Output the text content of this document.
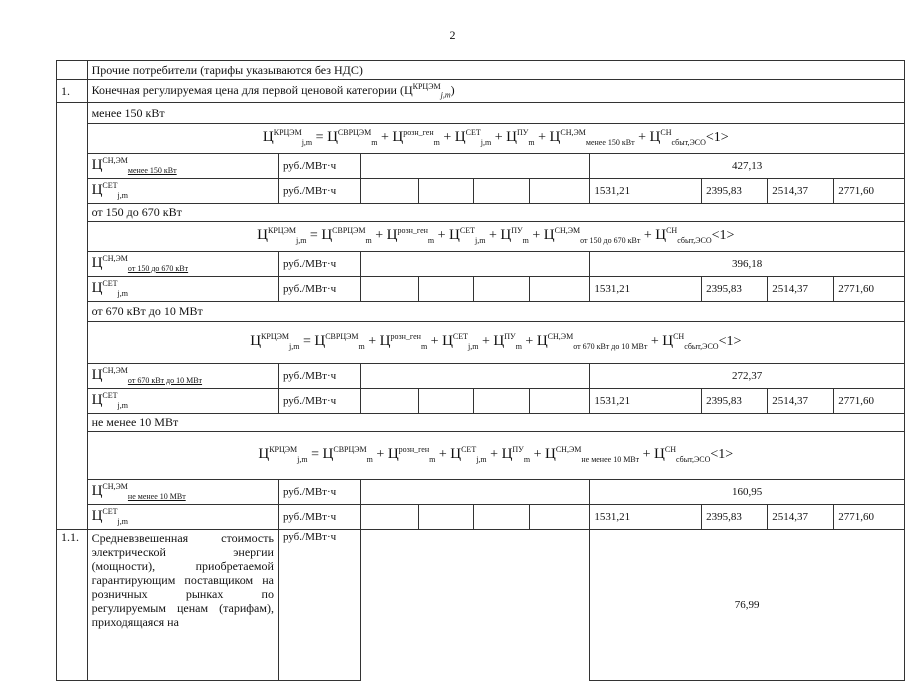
2
	Прочие потребители (тарифы указываются без НДС)									
1.	Конечная регулируемая цена для первой ценовой категории $(Ц^{КРЦЭМ}_{j,m})$									
	менее 150 кВт									
	$Ц^{КРЦЭМ}_{j,m} = Ц^{СВРЦЭМ}_m + Ц^{розн\_ген}_m + Ц^{СЕТ}_{j,m} + Ц^{ПУ}_m + Ц^{СН,ЭМ}_{менее 150 кВт} + Ц^{СН}_{сбыт,ЭСО}<1>$									
	$Ц^{СН,ЭМ}_{менее 150 кВт}$	руб./МВт·ч					427,13			
	$Ц^{СЕТ}_{j,m}$	руб./МВт·ч					1531,21	2395,83	2514,37	2771,60
	от 150 до 670 кВт									
	$Ц^{КРЦЭМ}_{j,m} = Ц^{СВРЦЭМ}_m + Ц^{розн\_ген}_m + Ц^{СЕТ}_{j,m} + Ц^{ПУ}_m + Ц^{СН,ЭМ}_{от 150 до 670 кВт} + Ц^{СН}_{сбыт,ЭСО}<1>$									
	$Ц^{СН,ЭМ}_{от 150 до 670 кВт}$	руб./МВт·ч					396,18			
	$Ц^{СЕТ}_{j,m}$	руб./МВт·ч					1531,21	2395,83	2514,37	2771,60
	от 670 кВт до 10 МВт									
	$Ц^{КРЦЭМ}_{j,m} = Ц^{СВРЦЭМ}_m + Ц^{розн\_ген}_m + Ц^{СЕТ}_{j,m} + Ц^{ПУ}_m + Ц^{СН,ЭМ}_{от 670 кВт до 10 МВт} + Ц^{СН}_{сбыт,ЭСО}<1>$									
	$Ц^{СН,ЭМ}_{от 670 кВт до 10 МВт}$	руб./МВт·ч					272,37			
	$Ц^{СЕТ}_{j,m}$	руб./МВт·ч					1531,21	2395,83	2514,37	2771,60
	не менее 10 МВт									
	$Ц^{КРЦЭМ}_{j,m} = Ц^{СВРЦЭМ}_m + Ц^{розн\_ген}_m + Ц^{СЕТ}_{j,m} + Ц^{ПУ}_m + Ц^{СН,ЭМ}_{не менее 10 МВт} + Ц^{СН}_{сбыт,ЭСО}<1>$									
	$Ц^{СН,ЭМ}_{не менее 10 МВт}$	руб./МВт·ч					160,95			
	$Ц^{СЕТ}_{j,m}$	руб./МВт·ч					1531,21	2395,83	2514,37	2771,60
1.1.	Средневзвешенная стоимость электрической энергии (мощности), приобретаемой гарантирующим поставщиком на розничных рынках по регулируемым ценам (тарифам), приходящаяся на	руб./МВт·ч					76,99			
